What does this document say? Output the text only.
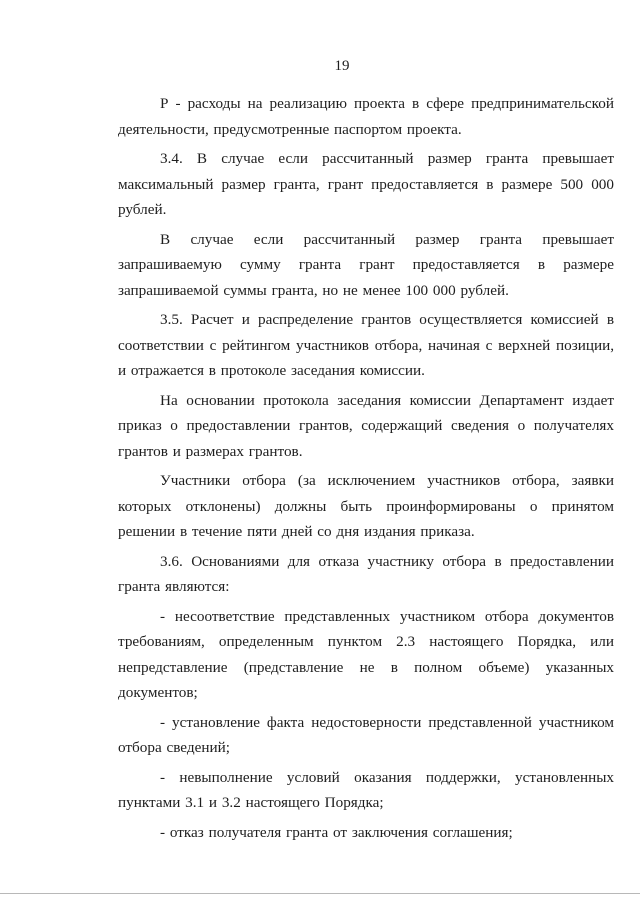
19

Р - расходы на реализацию проекта в сфере предпринимательской деятельности, предусмотренные паспортом проекта.

3.4. В случае если рассчитанный размер гранта превышает максимальный размер гранта, грант предоставляется в размере 500 000 рублей.

В случае если рассчитанный размер гранта превышает запрашиваемую сумму гранта грант предоставляется в размере запрашиваемой суммы гранта, но не менее 100 000 рублей.

3.5. Расчет и распределение грантов осуществляется комиссией в соответствии с рейтингом участников отбора, начиная с верхней позиции, и отражается в протоколе заседания комиссии.

На основании протокола заседания комиссии Департамент издает приказ о предоставлении грантов, содержащий сведения о получателях грантов и размерах грантов.

Участники отбора (за исключением участников отбора, заявки которых отклонены) должны быть проинформированы о принятом решении в течение пяти дней со дня издания приказа.

3.6. Основаниями для отказа участнику отбора в предоставлении гранта являются:

- несоответствие представленных участником отбора документов требованиям, определенным пунктом 2.3 настоящего Порядка, или непредставление (представление не в полном объеме) указанных документов;

- установление факта недостоверности представленной участником отбора сведений;

- невыполнение условий оказания поддержки, установленных пунктами 3.1 и 3.2 настоящего Порядка;

- отказ получателя гранта от заключения соглашения;
